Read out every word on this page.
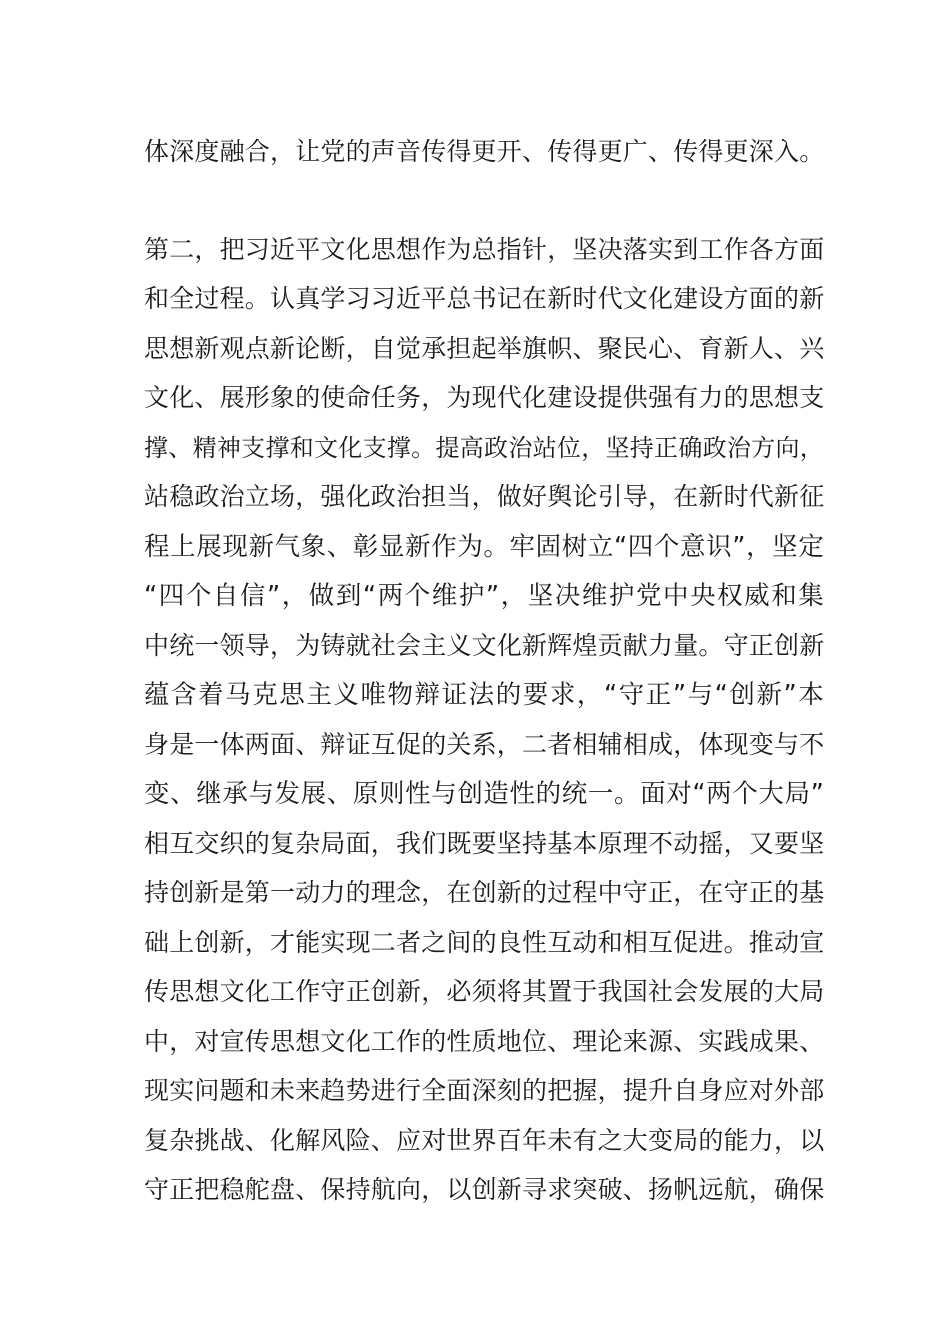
体深度融合，让党的声音传得更开、传得更广、传得更深入。
第二，把习近平文化思想作为总指针，坚决落实到工作各方面
和全过程。认真学习习近平总书记在新时代文化建设方面的新
思想新观点新论断，自觉承担起举旗帜、聚民心、育新人、兴
文化、展形象的使命任务，为现代化建设提供强有力的思想支
撑、精神支撑和文化支撑。提高政治站位，坚持正确政治方向，
站稳政治立场，强化政治担当，做好舆论引导，在新时代新征
程上展现新气象、彰显新作为。牢固树立“四个意识”，坚定
“四个自信”，做到“两个维护”，坚决维护党中央权威和集
中统一领导，为铸就社会主义文化新辉煌贡献力量。守正创新
蕴含着马克思主义唯物辩证法的要求，“守正”与“创新”本
身是一体两面、辩证互促的关系，二者相辅相成，体现变与不
变、继承与发展、原则性与创造性的统一。面对“两个大局”
相互交织的复杂局面，我们既要坚持基本原理不动摇，又要坚
持创新是第一动力的理念，在创新的过程中守正，在守正的基
础上创新，才能实现二者之间的良性互动和相互促进。推动宣
传思想文化工作守正创新，必须将其置于我国社会发展的大局
中，对宣传思想文化工作的性质地位、理论来源、实践成果、
现实问题和未来趋势进行全面深刻的把握，提升自身应对外部
复杂挑战、化解风险、应对世界百年未有之大变局的能力，以
守正把稳舵盘、保持航向，以创新寻求突破、扬帆远航，确保
